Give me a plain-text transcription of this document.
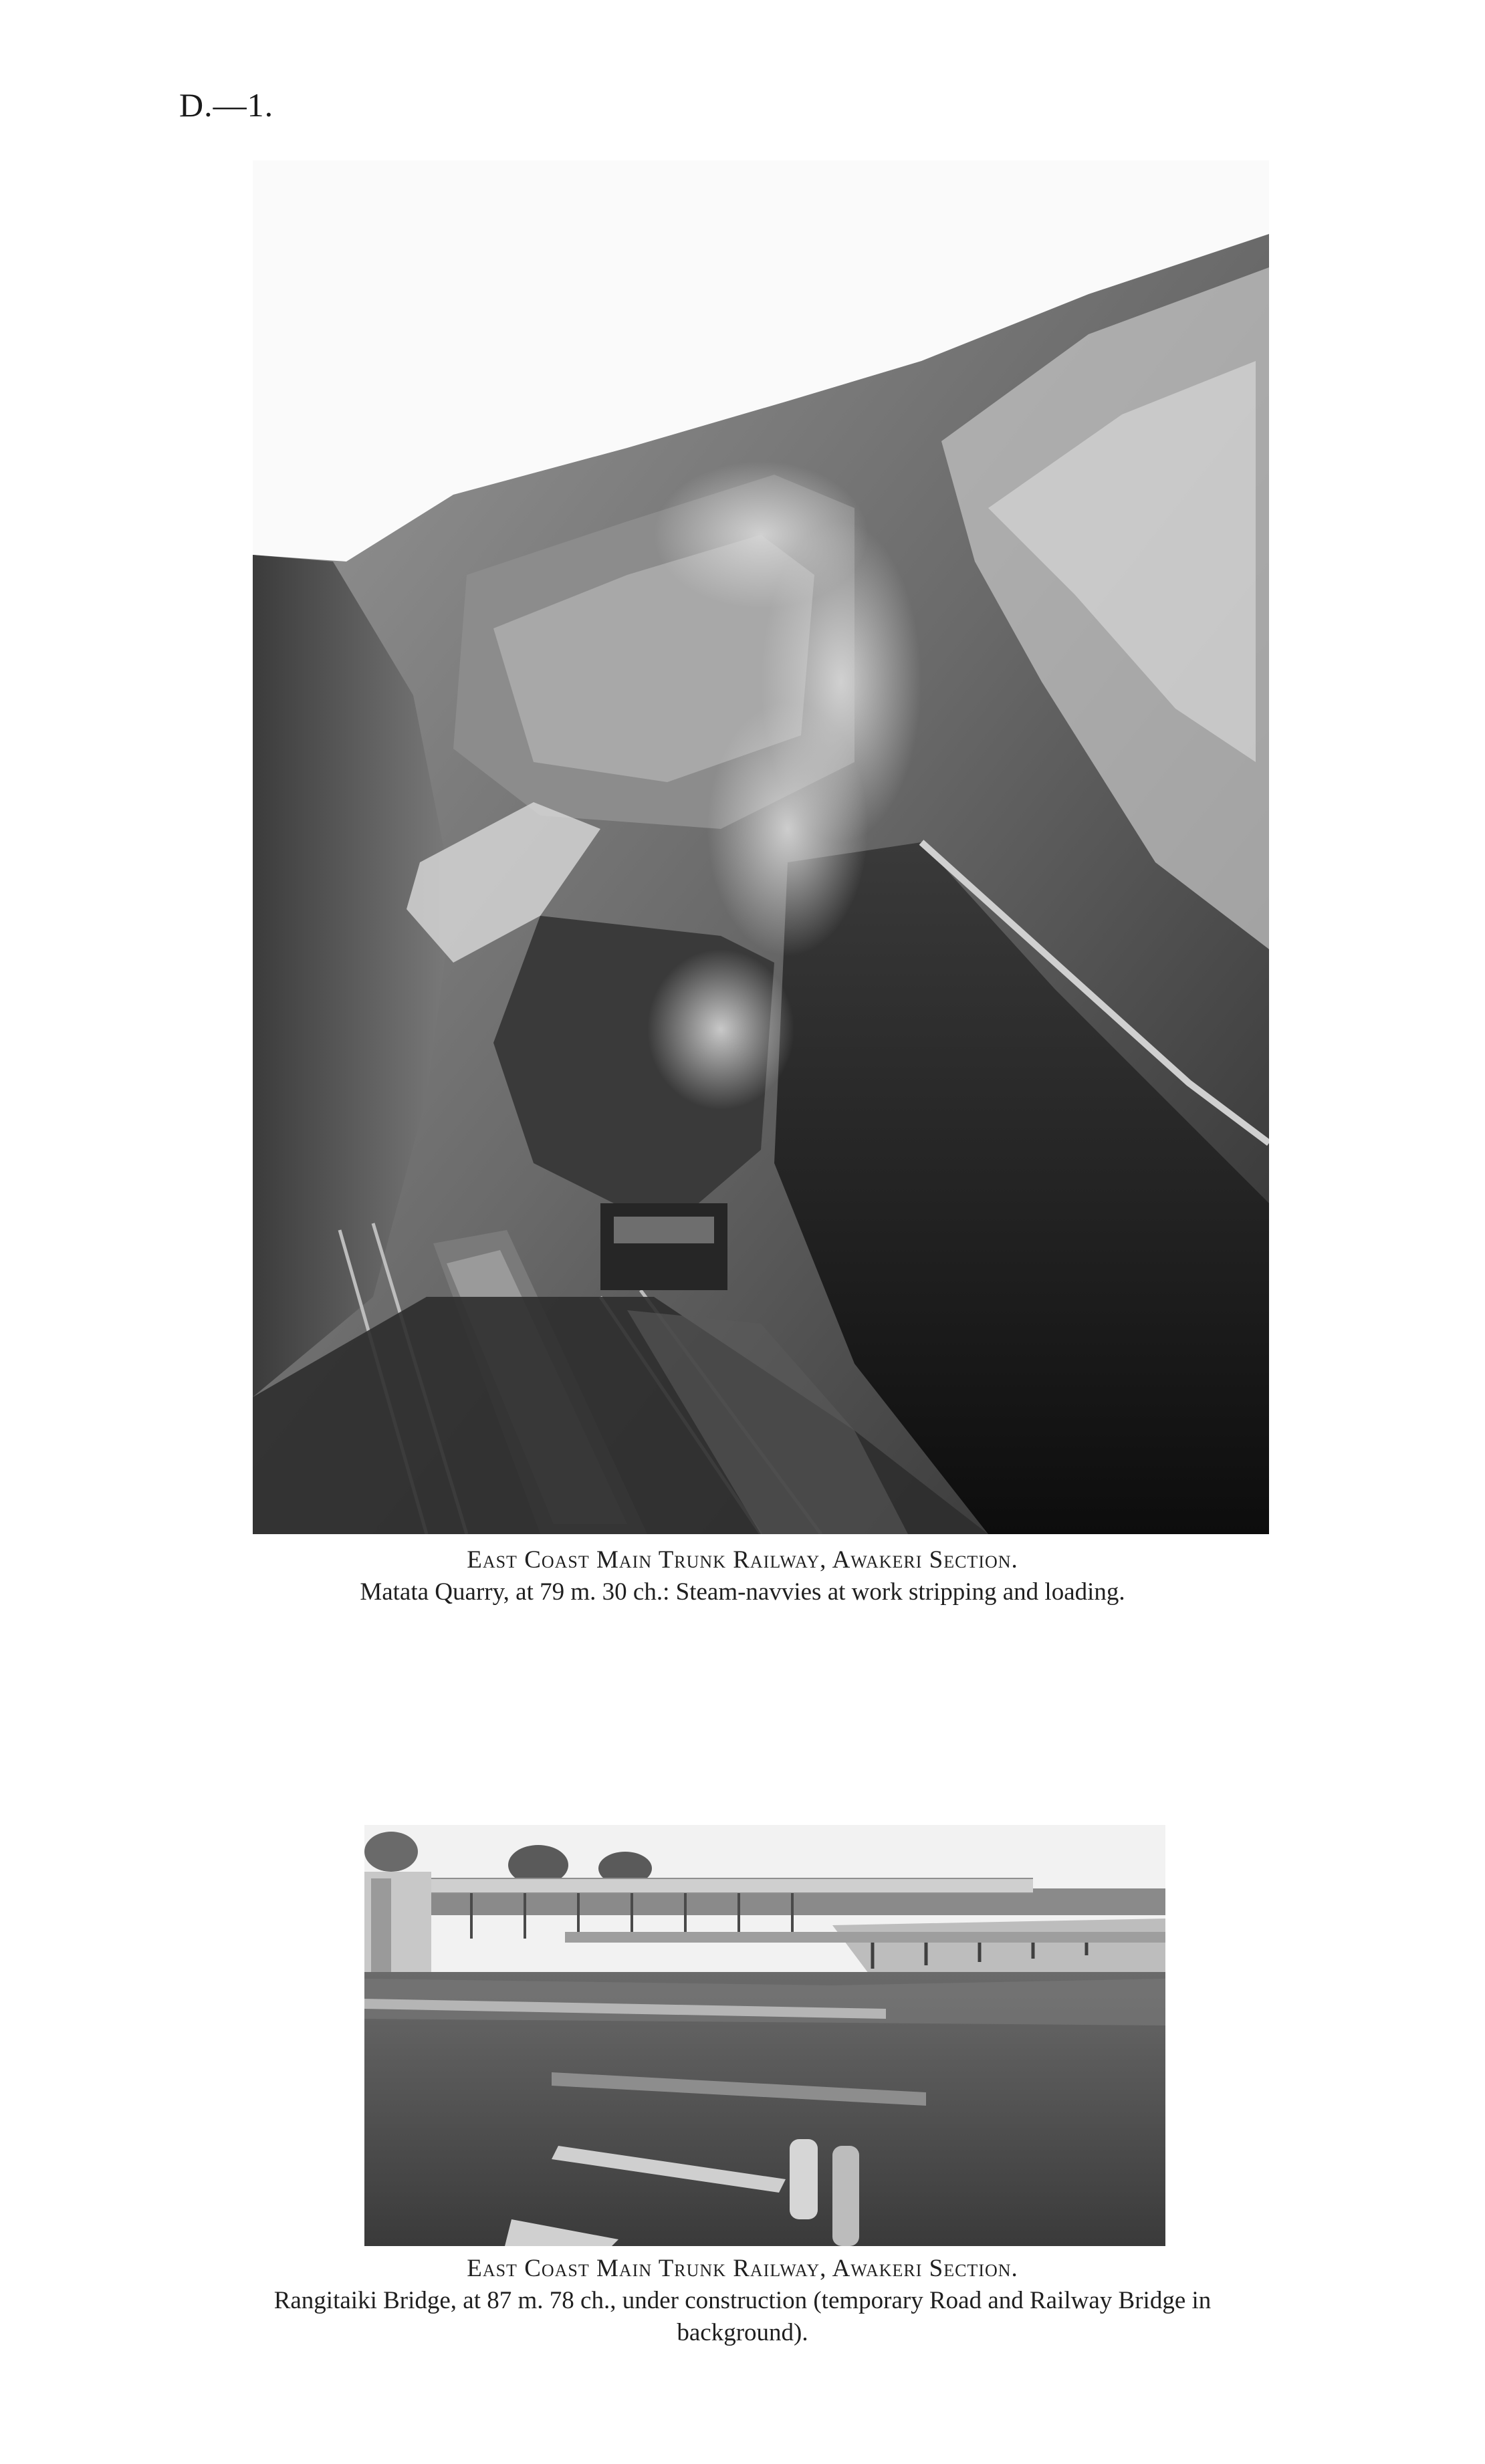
D.—1.
East Coast Main Trunk Railway, Awakeri Section.

Matata Quarry, at 79 m. 30 ch.: Steam-navvies at work stripping and loading.
East Coast Main Trunk Railway, Awakeri Section.

Rangitaiki Bridge, at 87 m. 78 ch., under construction (temporary Road and Railway Bridge in background).
